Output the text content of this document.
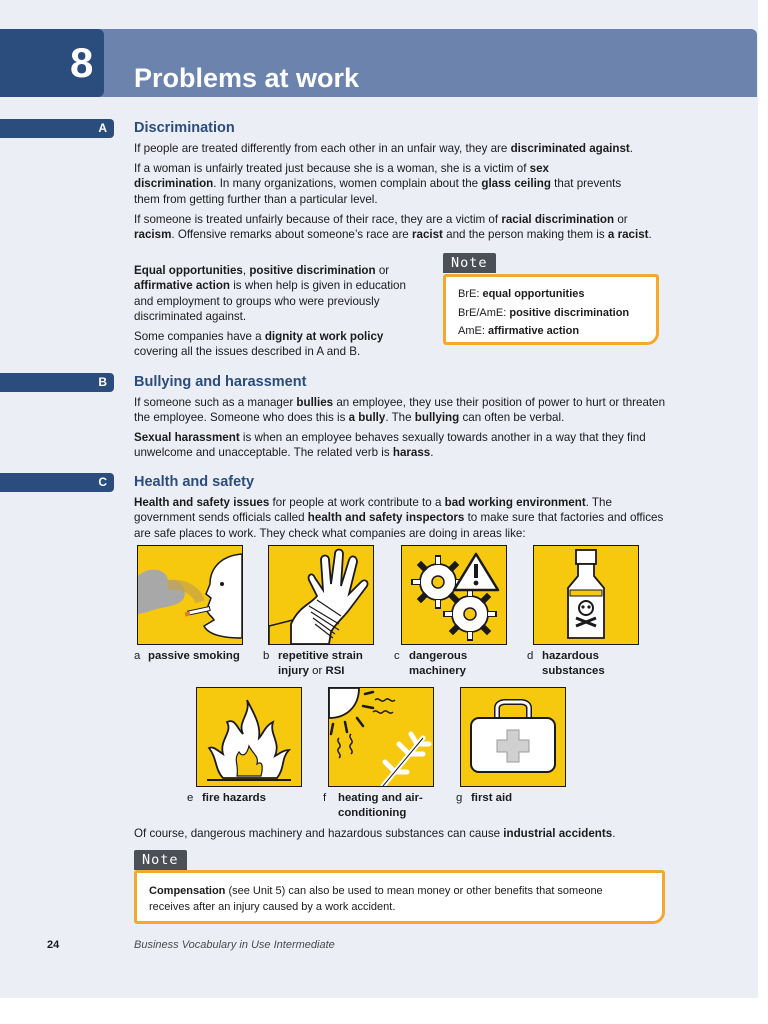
8 Problems at work
A Discrimination

If people are treated differently from each other in an unfair way, they are discriminated against.

If a woman is unfairly treated just because she is a woman, she is a victim of sex discrimination. In many organizations, women complain about the glass ceiling that prevents them from getting further than a particular level.

If someone is treated unfairly because of their race, they are a victim of racial discrimination or racism. Offensive remarks about someone’s race are racist and the person making them is a racist.

Equal opportunities, positive discrimination or affirmative action is when help is given in education and employment to groups who were previously discriminated against.

Some companies have a dignity at work policy covering all the issues described in A and B.

Note
BrE: equal opportunities
BrE/AmE: positive discrimination
AmE: affirmative action
B Bullying and harassment

If someone such as a manager bullies an employee, they use their position of power to hurt or threaten the employee. Someone who does this is a bully. The bullying can often be verbal.

Sexual harassment is when an employee behaves sexually towards another in a way that they find unwelcome and unacceptable. The related verb is harass.

C Health and safety

Health and safety issues for people at work contribute to a bad working environment. The government sends officials called health and safety inspectors to make sure that factories and offices are safe places to work. They check what companies are doing in areas like:

a passive smoking	b repetitive strain injury or RSI
c dangerous machinery
d hazardous substances
e fire hazards	f heating and air-conditioning
g first aid

Of course, dangerous machinery and hazardous substances can cause industrial accidents.

Note
Compensation (see Unit 5) can also be used to mean money or other benefits that someone receives after an injury caused by a work accident.
24	Business Vocabulary in Use Intermediate
